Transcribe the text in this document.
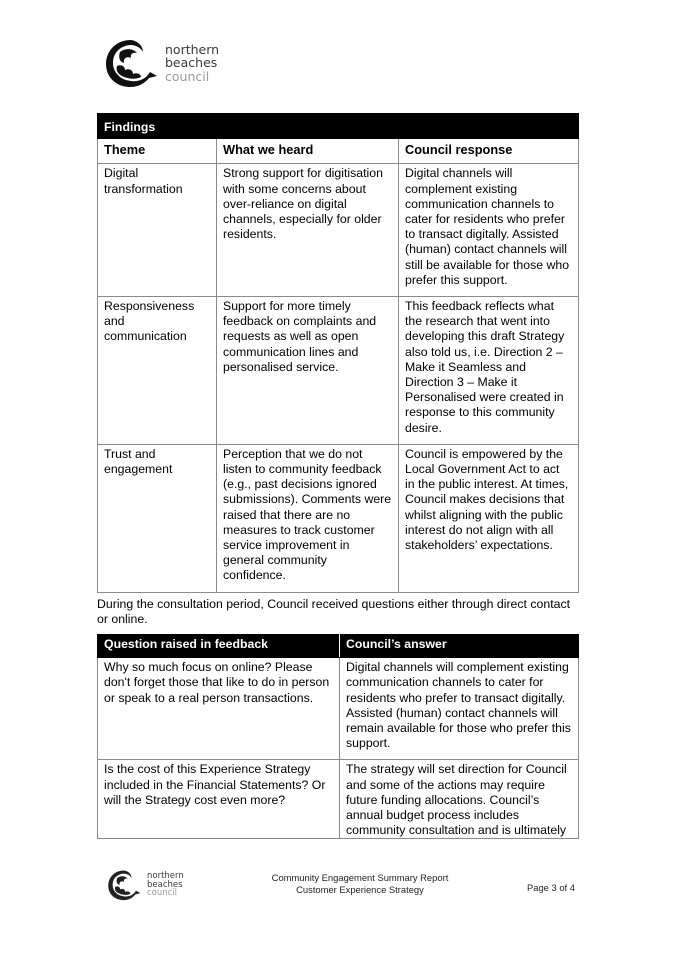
northern
beaches
council
Findings		
Theme	What we heard	Council response
Digital transformation	Strong support for digitisation with some concerns about over-reliance on digital channels, especially for older residents.	Digital channels will complement existing communication channels to cater for residents who prefer to transact digitally. Assisted (human) contact channels will still be available for those who prefer this support.
Responsiveness and communication	Support for more timely feedback on complaints and requests as well as open communication lines and personalised service.	This feedback reflects what the research that went into developing this draft Strategy also told us, i.e. Direction 2 – Make it Seamless and Direction 3 – Make it Personalised were created in response to this community desire.
Trust and engagement	Perception that we do not listen to community feedback (e.g., past decisions ignored submissions). Comments were raised that there are no measures to track customer service improvement in general community confidence.	Council is empowered by the Local Government Act to act in the public interest. At times, Council makes decisions that whilst aligning with the public interest do not align with all stakeholders’ expectations.

During the consultation period, Council received questions either through direct contact or online.

Question raised in feedback	Council’s answer
Why so much focus on online? Please don't forget those that like to do in person or speak to a real person transactions.	Digital channels will complement existing communication channels to cater for residents who prefer to transact digitally. Assisted (human) contact channels will remain available for those who prefer this support.
Is the cost of this Experience Strategy included in the Financial Statements? Or will the Strategy cost even more?	The strategy will set direction for Council and some of the actions may require future funding allocations. Council’s annual budget process includes community consultation and is ultimately
northern
beaches
council
Community Engagement Summary Report
Customer Experience Strategy	Page 3 of 4
